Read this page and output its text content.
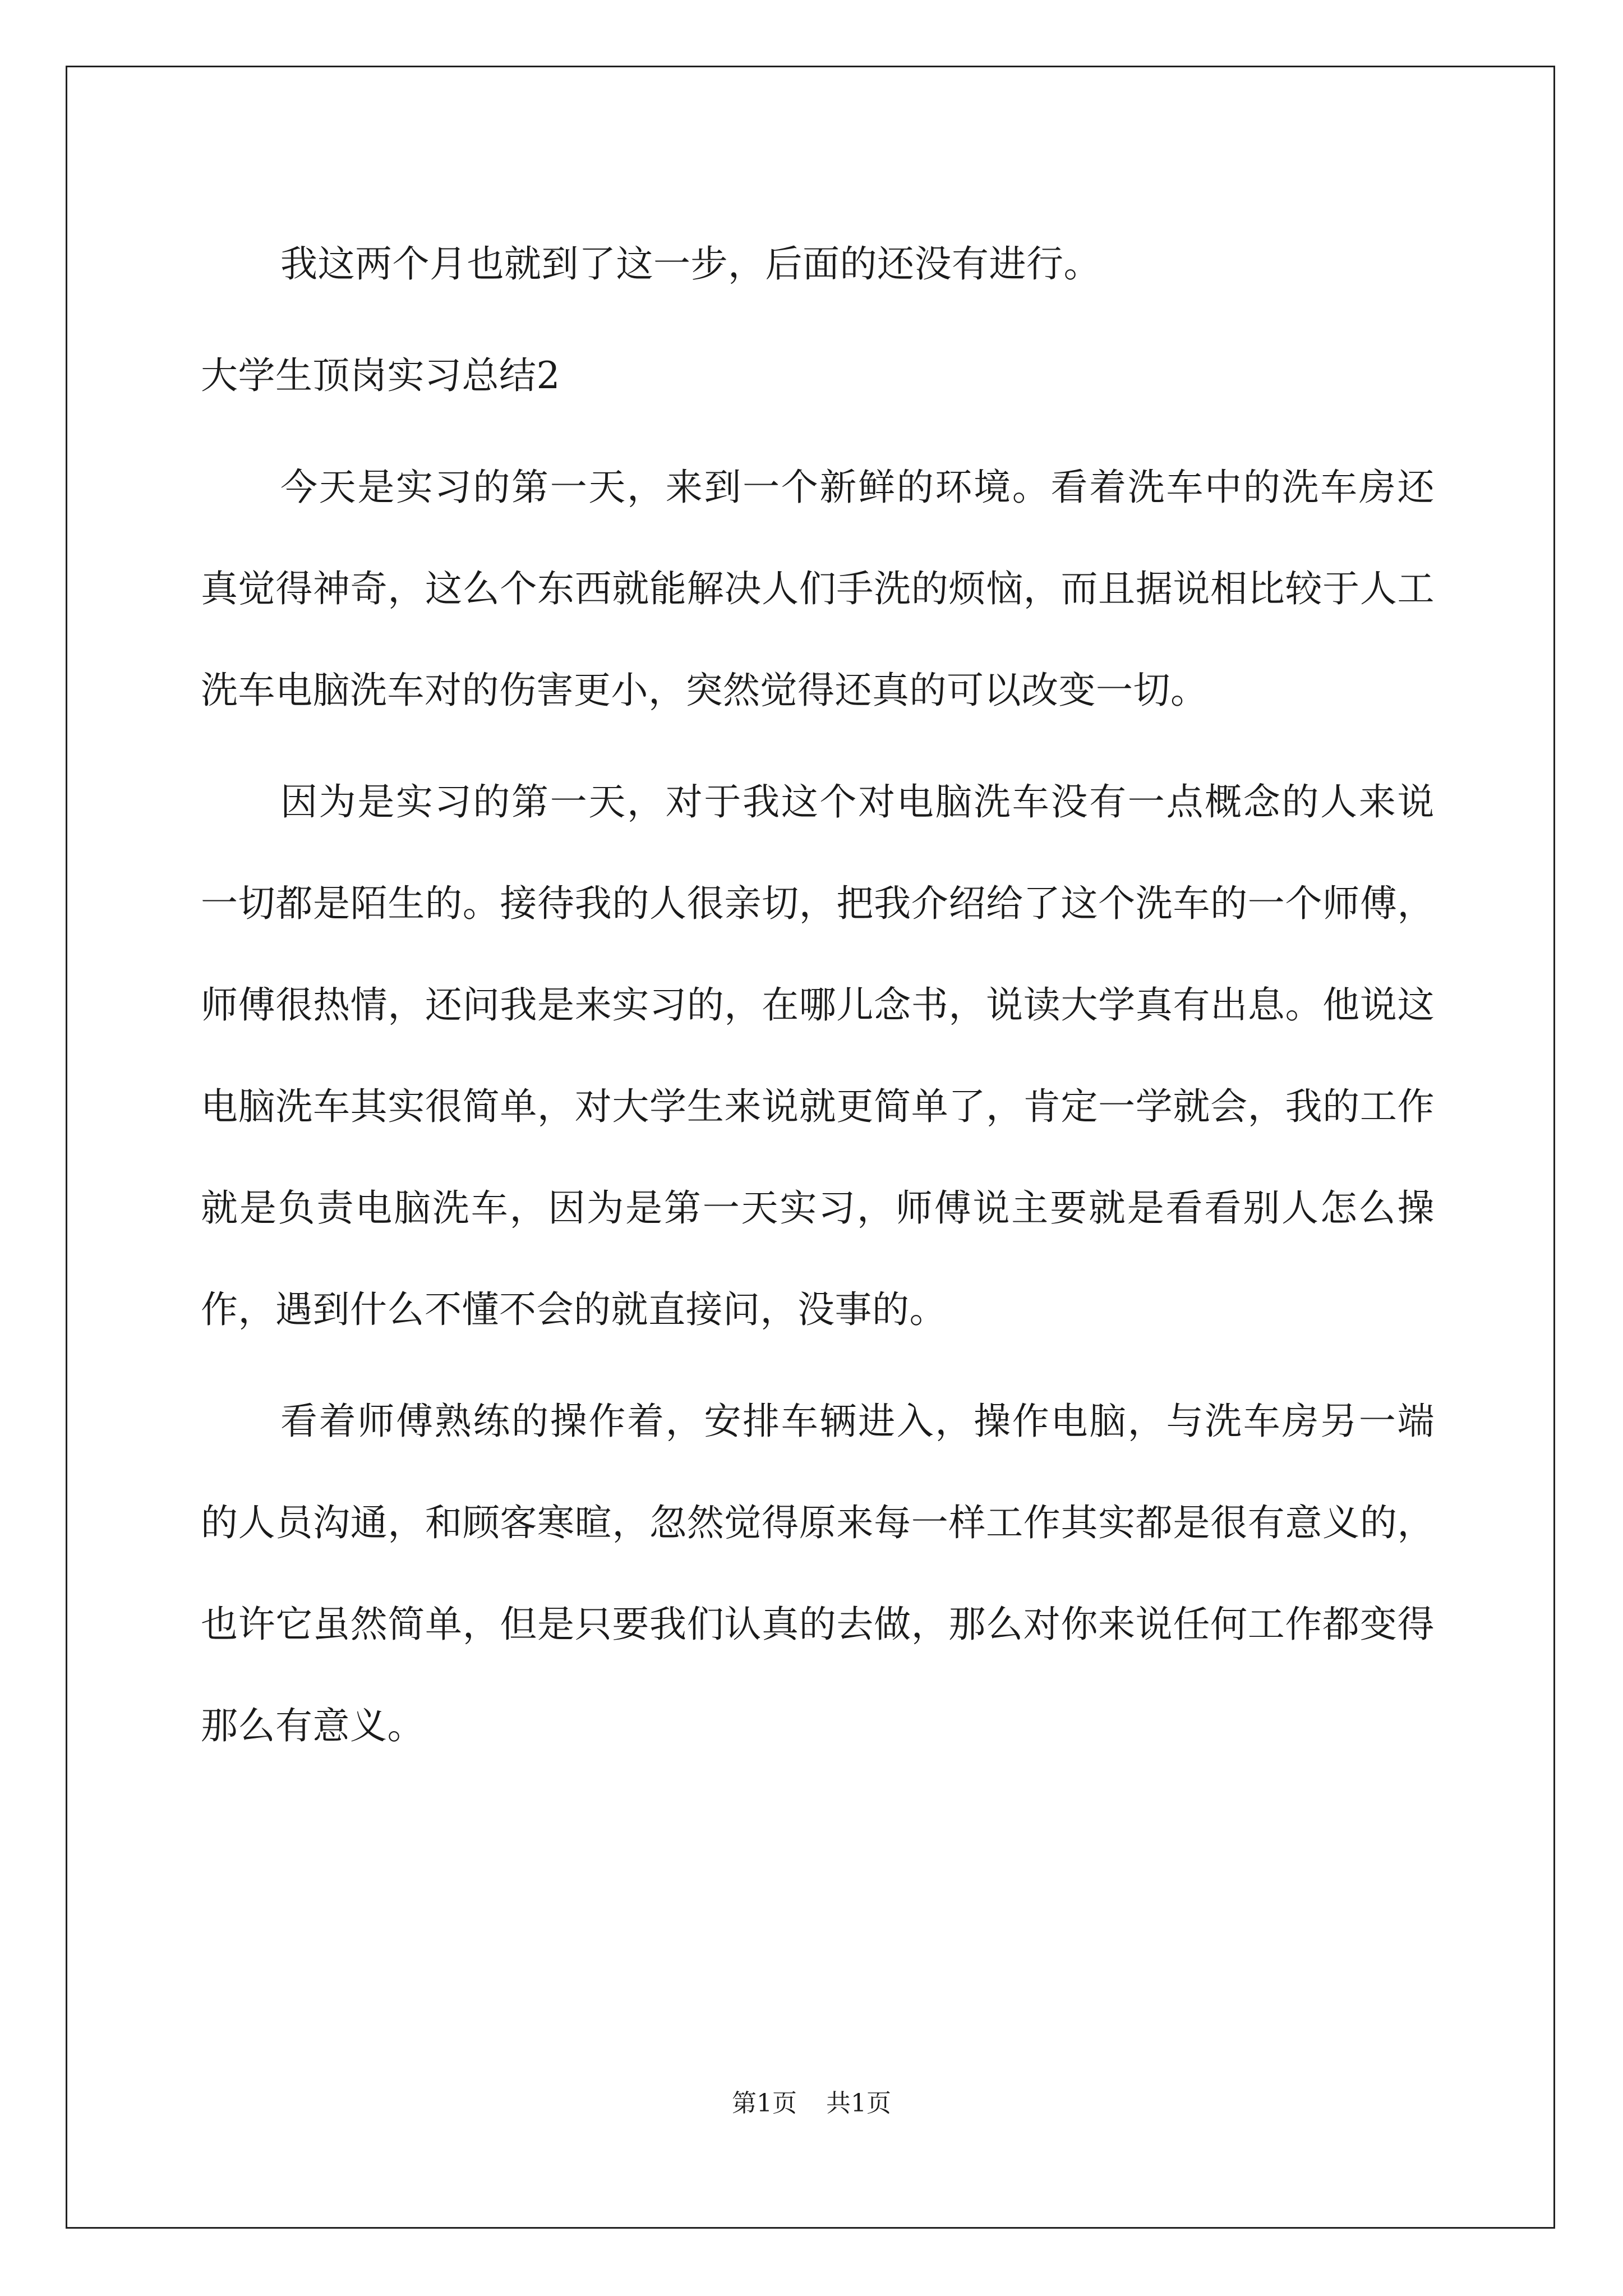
我这两个月也就到了这一步，后面的还没有进行。

大学生顶岗实习总结2

今天是实习的第一天，来到一个新鲜的环境。看着洗车中的洗车房还真觉得神奇，这么个东西就能解决人们手洗的烦恼，而且据说相比较于人工洗车电脑洗车对的伤害更小，突然觉得还真的可以改变一切。

因为是实习的第一天，对于我这个对电脑洗车没有一点概念的人来说一切都是陌生的。接待我的人很亲切，把我介绍给了这个洗车的一个师傅，师傅很热情，还问我是来实习的，在哪儿念书，说读大学真有出息。他说这电脑洗车其实很简单，对大学生来说就更简单了，肯定一学就会，我的工作就是负责电脑洗车，因为是第一天实习，师傅说主要就是看看别人怎么操作，遇到什么不懂不会的就直接问，没事的。

看着师傅熟练的操作着，安排车辆进入，操作电脑，与洗车房另一端的人员沟通，和顾客寒暄，忽然觉得原来每一样工作其实都是很有意义的，也许它虽然简单，但是只要我们认真的去做，那么对你来说任何工作都变得那么有意义。

第1页 共1页
